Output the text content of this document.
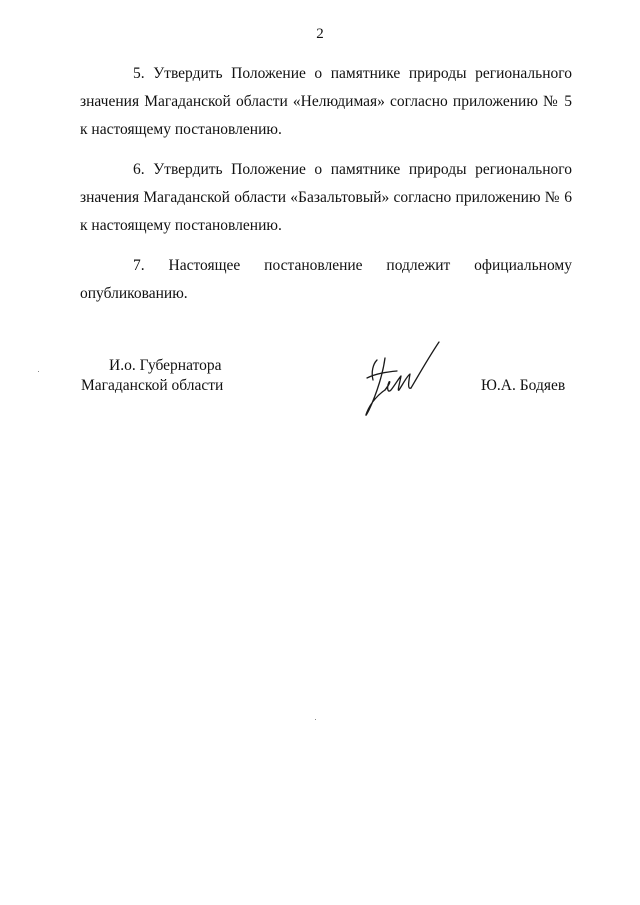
2

5. Утвердить Положение о памятнике природы регионального значения Магаданской области «Нелюдимая» согласно приложению № 5 к настоящему постановлению.

6. Утвердить Положение о памятнике природы регионального значения Магаданской области «Базальтовый» согласно приложению № 6 к настоящему постановлению.

7. Настоящее постановление подлежит официальному
опубликованию.
И.о. Губернатора
Магаданской области	Ю.А. Бодяев
